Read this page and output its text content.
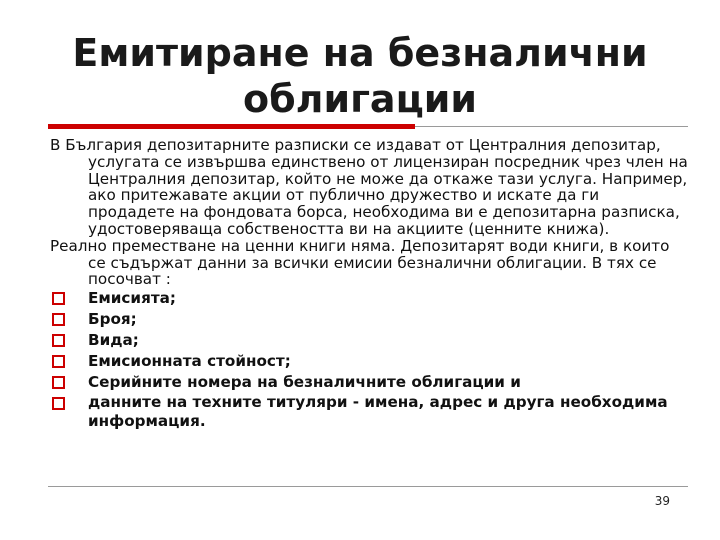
Емитиране на безналични облигации

В България депозитарните разписки се издават от Централния депозитар, услугата се извършва единствено от лицензиран посредник чрез член на Централния депозитар, който не може да откаже тази услуга. Например, ако притежавате акции от публично дружество и искате да ги продадете на фондовата борса, необходима ви е депозитарна разписка, удостоверяваща собствеността ви на акциите (ценните книжа).

Реално преместване на ценни книги няма. Депозитарят води книги, в които се съдържат данни за всички емисии безналични облигации. В тях се посочват :

Емисията;
Броя;
Вида;
Емисионната стойност;
Серийните номера на безналичните облигации и
данните на техните титуляри - имена, адрес и друга необходима информация.
39
